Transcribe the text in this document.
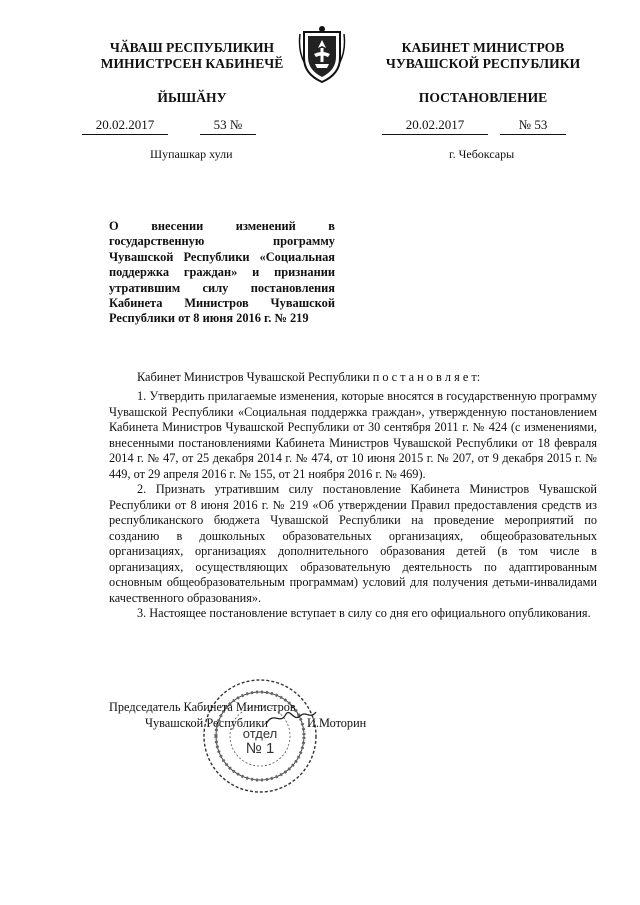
ЧӐВАШ РЕСПУБЛИКИН
МИНИСТРСЕН КАБИНЕЧӖ
ЙЫШӐНУ
КАБИНЕТ МИНИСТРОВ
ЧУВАШСКОЙ РЕСПУБЛИКИ
ПОСТАНОВЛЕНИЕ
20.02.2017	53 №
Шупашкар хули
20.02.2017	№ 53
г. Чебоксары
О внесении изменений в государственную программу Чувашской Республики «Социальная поддержка граждан» и признании утратившим силу постановления Кабинета Министров Чувашской Республики от 8 июня 2016 г. № 219
Кабинет Министров Чувашской Республики п о с т а н о в л я е т:

1. Утвердить прилагаемые изменения, которые вносятся в государственную программу Чувашской Республики «Социальная поддержка граждан», утвержденную постановлением Кабинета Министров Чувашской Республики от 30 сентября 2011 г. № 424 (с изменениями, внесенными постановлениями Кабинета Министров Чувашской Республики от 18 февраля 2014 г. № 47, от 25 декабря 2014 г. № 474, от 10 июня 2015 г. № 207, от 9 декабря 2015 г. № 449, от 29 апреля 2016 г. № 155, от 21 ноября 2016 г. № 469).

2. Признать утратившим силу постановление Кабинета Министров Чувашской Республики от 8 июня 2016 г. № 219 «Об утверждении Правил предоставления средств из республиканского бюджета Чувашской Республики на проведение мероприятий по созданию в дошкольных образовательных организациях, общеобразовательных организациях, организациях дополнительного образования детей (в том числе в организациях, осуществляющих образовательную деятельность по адаптированным основным общеобразовательным программам) условий для получения детьми-инвалидами качественного образования».

3. Настоящее постановление вступает в силу со дня его официального опубликования.

отдел
№ 1
Председатель Кабинета Министров
Чувашской Республики	И.Моторин
